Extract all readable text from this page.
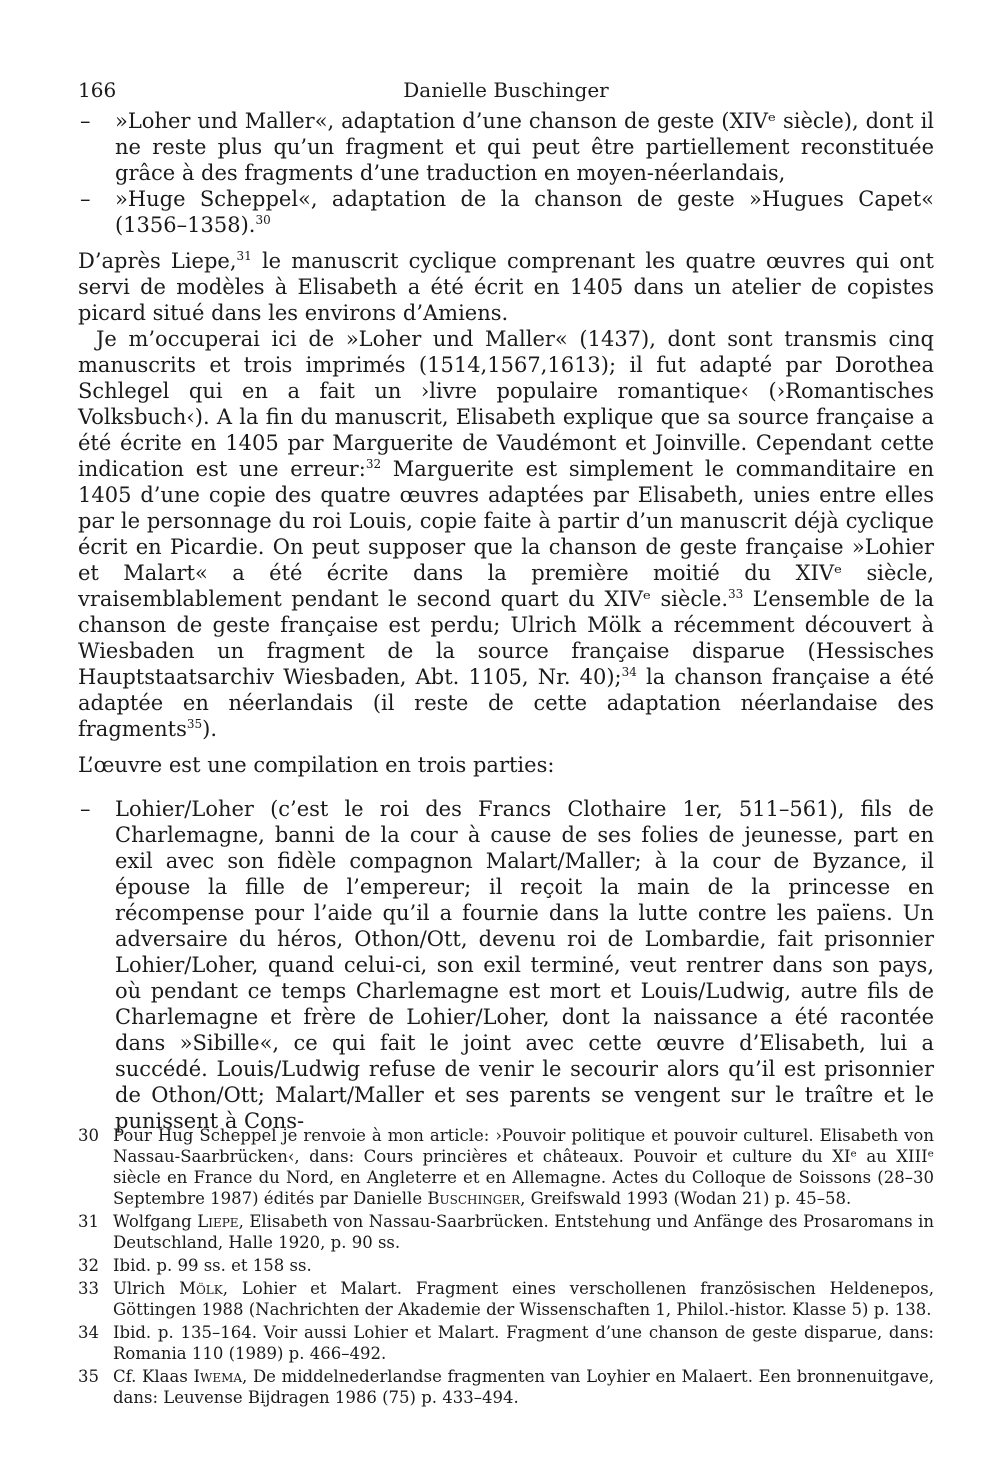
166	Danielle Buschinger
– »Loher und Maller«, adaptation d’une chanson de geste (XIVᵉ siècle), dont il ne reste plus qu’un fragment et qui peut être partiellement reconstituée grâce à des fragments d’une traduction en moyen-néerlandais,
– »Huge Scheppel«, adaptation de la chanson de geste »Hugues Capet« (1356–1358).$^{30}$

D’après Liepe,$^{31}$ le manuscrit cyclique comprenant les quatre œuvres qui ont servi de modèles à Elisabeth a été écrit en 1405 dans un atelier de copistes picard situé dans les environs d’Amiens.

Je m’occuperai ici de »Loher und Maller« (1437), dont sont transmis cinq manuscrits et trois imprimés (1514,1567,1613); il fut adapté par Dorothea Schlegel qui en a fait un ›livre populaire romantique‹ (›Romantisches Volksbuch‹). A la fin du manuscrit, Elisabeth explique que sa source française a été écrite en 1405 par Marguerite de Vaudémont et Joinville. Cependant cette indication est une erreur:$^{32}$ Marguerite est simplement le commanditaire en 1405 d’une copie des quatre œuvres adaptées par Elisabeth, unies entre elles par le personnage du roi Louis, copie faite à partir d’un manuscrit déjà cyclique écrit en Picardie. On peut supposer que la chanson de geste française »Lohier et Malart« a été écrite dans la première moitié du XIVᵉ siècle, vraisemblablement pendant le second quart du XIVᵉ siècle.$^{33}$ L’ensemble de la chanson de geste française est perdu; Ulrich Mölk a récemment découvert à Wiesbaden un fragment de la source française disparue (Hessisches Hauptstaatsarchiv Wiesbaden, Abt. 1105, Nr. 40);$^{34}$ la chanson française a été adaptée en néerlandais (il reste de cette adaptation néerlandaise des fragments$^{35}$).

L’œuvre est une compilation en trois parties:

– Lohier/Loher (c’est le roi des Francs Clothaire 1er, 511–561), fils de Charlemagne, banni de la cour à cause de ses folies de jeunesse, part en exil avec son fidèle compagnon Malart/Maller; à la cour de Byzance, il épouse la fille de l’empereur; il reçoit la main de la princesse en récompense pour l’aide qu’il a fournie dans la lutte contre les païens. Un adversaire du héros, Othon/Ott, devenu roi de Lombardie, fait prisonnier Lohier/Loher, quand celui-ci, son exil terminé, veut rentrer dans son pays, où pendant ce temps Charlemagne est mort et Louis/Ludwig, autre fils de Charlemagne et frère de Lohier/Loher, dont la naissance a été racontée dans »Sibille«, ce qui fait le joint avec cette œuvre d’Elisabeth, lui a succédé. Louis/Ludwig refuse de venir le secourir alors qu’il est prisonnier de Othon/Ott; Malart/Maller et ses parents se vengent sur le traître et le punissent à Cons-
30 Pour Hug Scheppel je renvoie à mon article: ›Pouvoir politique et pouvoir culturel. Elisabeth von Nassau-Saarbrücken‹, dans: Cours princières et châteaux. Pouvoir et culture du XIᵉ au XIIIᵉ siècle en France du Nord, en Angleterre et en Allemagne. Actes du Colloque de Soissons (28–30 Septembre 1987) édités par Danielle Buschinger, Greifswald 1993 (Wodan 21) p. 45–58.
31 Wolfgang Liepe, Elisabeth von Nassau-Saarbrücken. Entstehung und Anfänge des Prosaromans in Deutschland, Halle 1920, p. 90 ss.
32 Ibid. p. 99 ss. et 158 ss.
33 Ulrich Mölk, Lohier et Malart. Fragment eines verschollenen französischen Heldenepos, Göttingen 1988 (Nachrichten der Akademie der Wissenschaften 1, Philol.-histor. Klasse 5) p. 138.
34 Ibid. p. 135–164. Voir aussi Lohier et Malart. Fragment d’une chanson de geste disparue, dans: Romania 110 (1989) p. 466–492.
35 Cf. Klaas Iwema, De middelnederlandse fragmenten van Loyhier en Malaert. Een bronnenuitgave, dans: Leuvense Bijdragen 1986 (75) p. 433–494.
